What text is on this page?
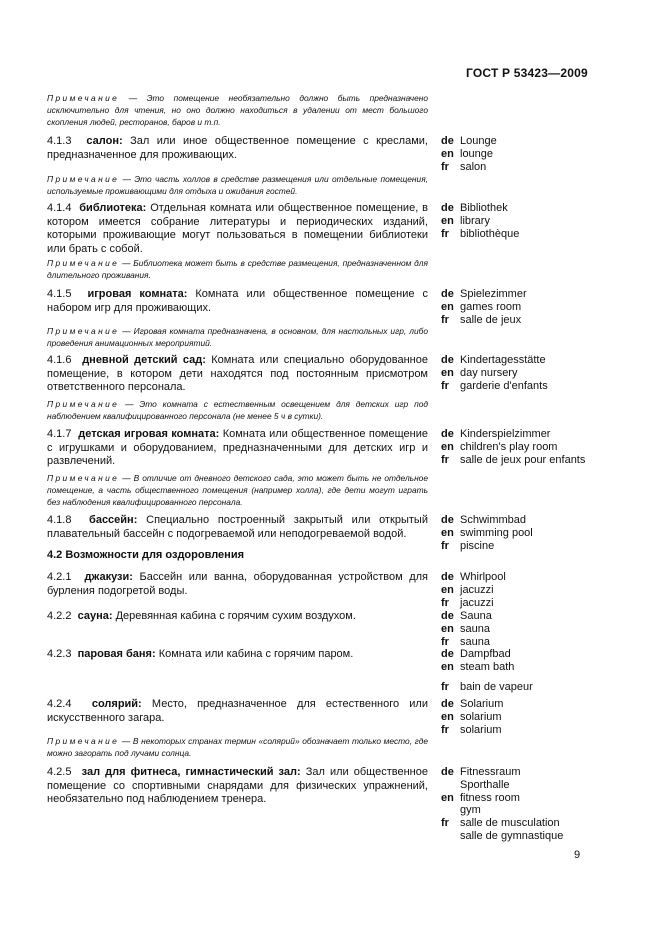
ГОСТ Р 53423—2009
Примечание — Это помещение необязательно должно быть предназначено исключительно для чтения, но оно должно находиться в удалении от мест большого скопления людей, ресторанов, баров и т.п.
4.1.3 салон: Зал или иное общественное помещение с креслами, предназначенное для проживающих.
Примечание — Это часть холлов в средстве размещения или отдельные помещения, используемые проживающими для отдыха и ожидания гостей.
de Lounge
en lounge
fr	salon
4.1.4 библиотека: Отдельная комната или общественное помещение, в котором имеется собрание литературы и периодических изданий, которыми проживающие могут пользоваться в помещении библиотеки или брать с собой.
Примечание — Библиотека может быть в средстве размещения, предназначенном для длительного проживания.
de Bibliothek
en library
fr	bibliothèque
4.1.5 игровая комната: Комната или общественное помещение с набором игр для проживающих.
Примечание — Игровая комната предназначена, в основном, для настольных игр, либо проведения анимационных мероприятий.
de Spielezimmer
en games room
fr	salle de jeux
4.1.6 дневной детский сад: Комната или специально оборудованное помещение, в котором дети находятся под постоянным присмотром ответственного персонала.
Примечание — Это комната с естественным освещением для детских игр под наблюдением квалифицированного персонала (не менее 5 ч в сутки).
de Kindertagesstätte
en day nursery
fr	garderie d'enfants
4.1.7 детская игровая комната: Комната или общественное помещение с игрушками и оборудованием, предназначенными для детских игр и развлечений.
Примечание — В отличие от дневного детского сада, это может быть не отдельное помещение, а часть общественного помещения (например холла), где дети могут играть без наблюдения квалифицированного персонала.
de Kinderspielzimmer
en children's play room
fr	salle de jeux pour enfants
4.1.8 бассейн: Специально построенный закрытый или открытый плавательный бассейн с подогреваемой или неподогреваемой водой.
de Schwimmbad
en swimming pool
fr	piscine
4.2 Возможности для оздоровления
4.2.1 джакузи: Бассейн или ванна, оборудованная устройством для бурления подогретой воды.
de Whirlpool
en jacuzzi
fr	jacuzzi
4.2.2 сауна: Деревянная кабина с горячим сухим воздухом.	de Sauna
en sauna
fr	sauna
4.2.3 паровая баня: Комната или кабина с горячим паром.	de Dampfbad
en steam bath
fr	bain de vapeur
4.2.4 солярий: Место, предназначенное для естественного или искусственного загара.
Примечание — В некоторых странах термин «солярий» обозначает только место, где можно загорать под лучами солнца.
de Solarium
en solarium
fr	solarium
4.2.5 зал для фитнеса, гимнастический зал: Зал или общественное помещение со спортивными снарядами для физических упражнений, необязательно под наблюдением тренера.
de Fitnessraum
Sporthalle
en fitness room
gym
fr	salle de musculation
salle de gymnastique
9
